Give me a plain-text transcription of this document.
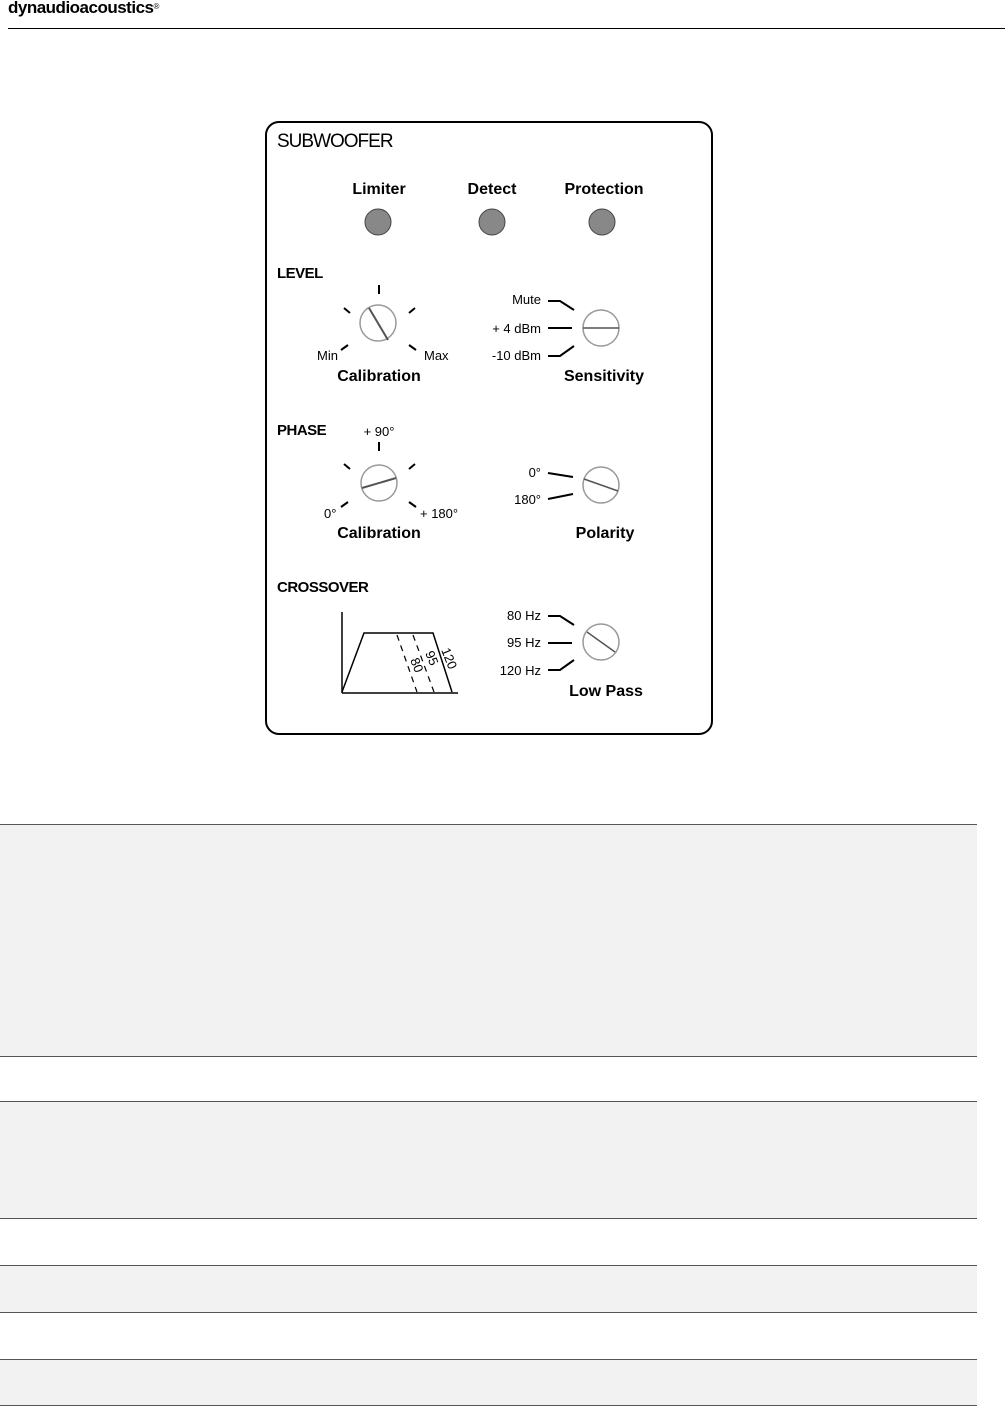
dynaudioacoustics®
SUBWOOFER
Limiter	Detect	Protection
LEVEL
Min	Max
Calibration
Mute
+ 4 dBm
-10 dBm
Sensitivity
PHASE	+ 90°
0°	+ 180°
Calibration
0°
180°
Polarity
CROSSOVER
80
95
120
80 Hz
95 Hz
120 Hz
Low Pass
